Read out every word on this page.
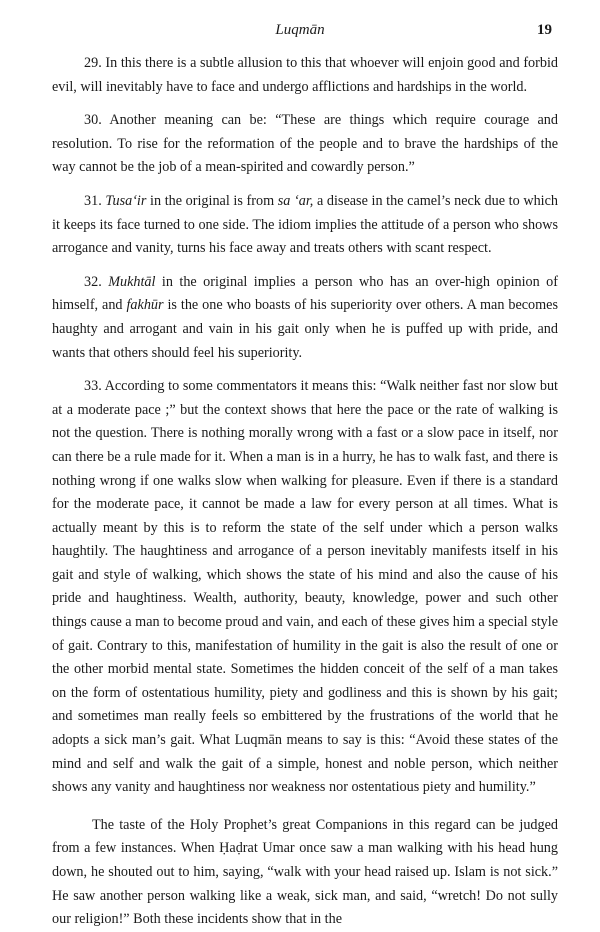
Luqmān	19

29. In this there is a subtle allusion to this that whoever will enjoin good and forbid evil, will inevitably have to face and undergo afflictions and hardships in the world.

30. Another meaning can be: “These are things which require courage and resolution. To rise for the reformation of the people and to brave the hardships of the way cannot be the job of a mean-spirited and cowardly person.”

31. Tusa‘ir in the original is from sa ‘ar, a disease in the camel’s neck due to which it keeps its face turned to one side. The idiom implies the attitude of a person who shows arrogance and vanity, turns his face away and treats others with scant respect.

32. Mukhtāl in the original implies a person who has an over-high opinion of himself, and fakhūr is the one who boasts of his superiority over others. A man becomes haughty and arrogant and vain in his gait only when he is puffed up with pride, and wants that others should feel his superiority.

33. According to some commentators it means this: “Walk neither fast nor slow but at a moderate pace ;” but the context shows that here the pace or the rate of walking is not the question. There is nothing morally wrong with a fast or a slow pace in itself, nor can there be a rule made for it. When a man is in a hurry, he has to walk fast, and there is nothing wrong if one walks slow when walking for pleasure. Even if there is a standard for the moderate pace, it cannot be made a law for every person at all times. What is actually meant by this is to reform the state of the self under which a person walks haughtily. The haughtiness and arrogance of a person inevitably manifests itself in his gait and style of walking, which shows the state of his mind and also the cause of his pride and haughtiness. Wealth, authority, beauty, knowledge, power and such other things cause a man to become proud and vain, and each of these gives him a special style of gait. Contrary to this, manifestation of humility in the gait is also the result of one or the other morbid mental state. Sometimes the hidden conceit of the self of a man takes on the form of ostentatious humility, piety and godliness and this is shown by his gait; and sometimes man really feels so embittered by the frustrations of the world that he adopts a sick man’s gait. What Luqmān means to say is this: “Avoid these states of the mind and self and walk the gait of a simple, honest and noble person, which neither shows any vanity and haughtiness nor weakness nor ostentatious piety and humility.”

The taste of the Holy Prophet’s great Companions in this regard can be judged from a few instances. When Ḥaḍrat Umar once saw a man walking with his head hung down, he shouted out to him, saying, “walk with your head raised up. Islam is not sick.” He saw another person walking like a weak, sick man, and said, “wretch! Do not sully our religion!” Both these incidents show that in the
